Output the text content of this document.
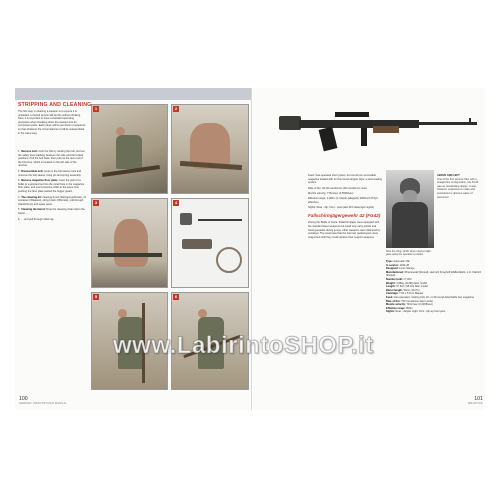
STRIPPING AND CLEANING

The first step in cleaning a weapon is to ensure it is unloaded; a trained person will do this without thinking. Next, it is important to have a standard operating procedure when breaking down the weapon into its component parts. Each piece will be put down in sequence so that whatever the circumstances it will be reassembled in the same way.

1 Remove bolt: cock the rifle by racking the bolt, and set the safety lever halfway between the safe and the locked positions. Pull the bolt back, then pull out the rear end of the bolt stop, which is located on the left side of the receiver.
2 Disassemble bolt: press in the bolt sleeve lock and unscrew the bolt sleeve, firing pin and spring assembly.
3 Remove magazine floor plate: insert the point of a bullet or a pointed tool into the small hole in the magazine floor plate, and exert pressure while at the same time pushing the floor plate toward the trigger guard.
4 The cleaning kit: cleaning brush (Reinigungsbürste), oil container (Ölkapsel), oiling brush (Ölbürste), pull-through (Hanfschnur) and spare parts.
5 Cleaning the barrel: Drop the cleaning chain down the barrel ...
6 ... and pull through oiled rag.
1	2
3	4
5	6
Note the sling, which when used at night gave away the operator's position.
ABOVE AND LEFT
One of the first service rifles with a straight-line configuration, the FG42 was an outstanding design. It was, however, expensive to make and considered a 'glorious waste of resources'.

Feed: Gas-operated short piston; ten-round non-removable magazine loaded with 2x five-round stripper clips; a slow loading system.

Rate of fire: 20-30 rounds/min (30 rounds/min max)

Muzzle velocity: 776m/sec (2,550ft/sec)

Effective range: 1,000m (1,312yd) (allegedly 3000m/3,474yd effective)

Sights: Rear - flip, front - post (also ZF4 telescopic sights)

Fallschirmjägergewehr 42 (FG42)

During the Battle of Crete, Fallschirmjäger were equipped with the standard Heer weapons but could only carry pistols and hand grenades during jumps; other weapons were delivered by container. The result was that the German paratroopers were outgunned until they could retrieve their support weapons.

Type: Automatic rifle
In service: 1942-45
Designed: Louis Stange
Manufactured: Rheinmetall (limited), Heinrich Krieghoff Waffenfabrik, L.O. Dietrich (limited)
Number built: c7,000
Weight: 4.95kg (10.9lb) later model
Length: 97.5cm (38.4in) later model
Barrel length: 50cm (19.7in)
Cartridge: 7.92 x 57mm Mauser
Feed: Gas-operated, rotating bolt; 10- or 20-round detachable box magazine
Rate of fire: 750 rounds/min later model
Muzzle velocity: 740m/sec (2,430ft/sec)
Effective range: 800m
Sights: Rear - diopter sight; front - flip-up front post
100
GERMAN INFANTRYMAN MANUAL
101
WEAPONS
www.LabirintoSHOP.it
